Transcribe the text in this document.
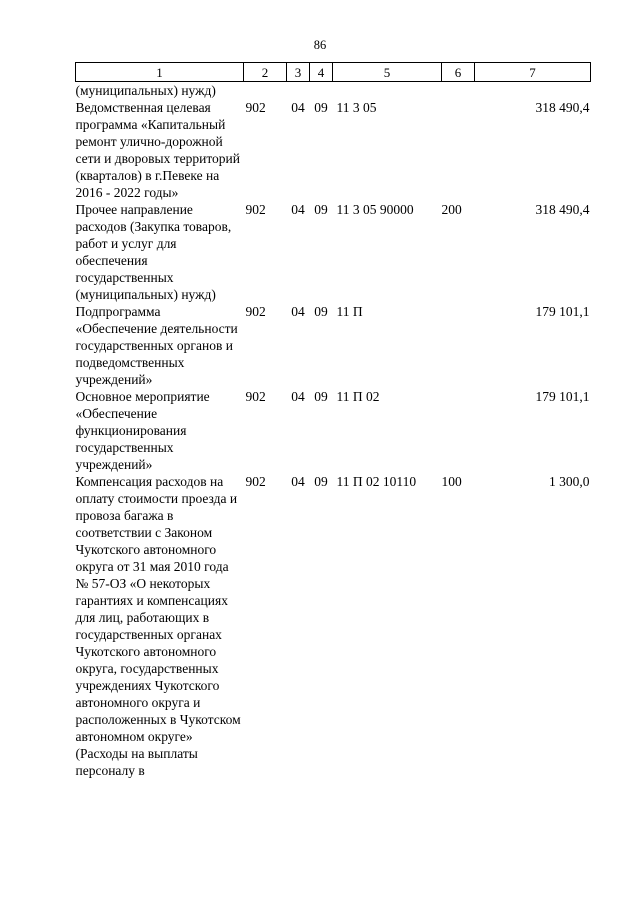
86
1	2	3	4	5	6	7
(муниципальных) нужд)						
Ведомственная целевая программа «Капитальный ремонт улично-дорожной сети и дворовых территорий (кварталов) в г.Певеке на 2016 - 2022 годы»	902	04	09	11 3 05		318 490,4
Прочее направление расходов (Закупка товаров, работ и услуг для обеспечения государственных (муниципальных) нужд)	902	04	09	11 3 05 90000	200	318 490,4
Подпрограмма «Обеспечение деятельности государственных органов и подведомственных учреждений»	902	04	09	11 П		179 101,1
Основное мероприятие «Обеспечение функционирования государственных учреждений»	902	04	09	11 П 02		179 101,1
Компенсация расходов на оплату стоимости проезда и провоза багажа в соответствии с Законом Чукотского автономного округа от 31 мая 2010 года № 57-ОЗ «О некоторых гарантиях и компенсациях для лиц, работающих в государственных органах Чукотского автономного округа, государственных учреждениях Чукотского автономного округа и расположенных в Чукотском автономном округе» (Расходы на выплаты персоналу в	902	04	09	11 П 02 10110	100	1 300,0
